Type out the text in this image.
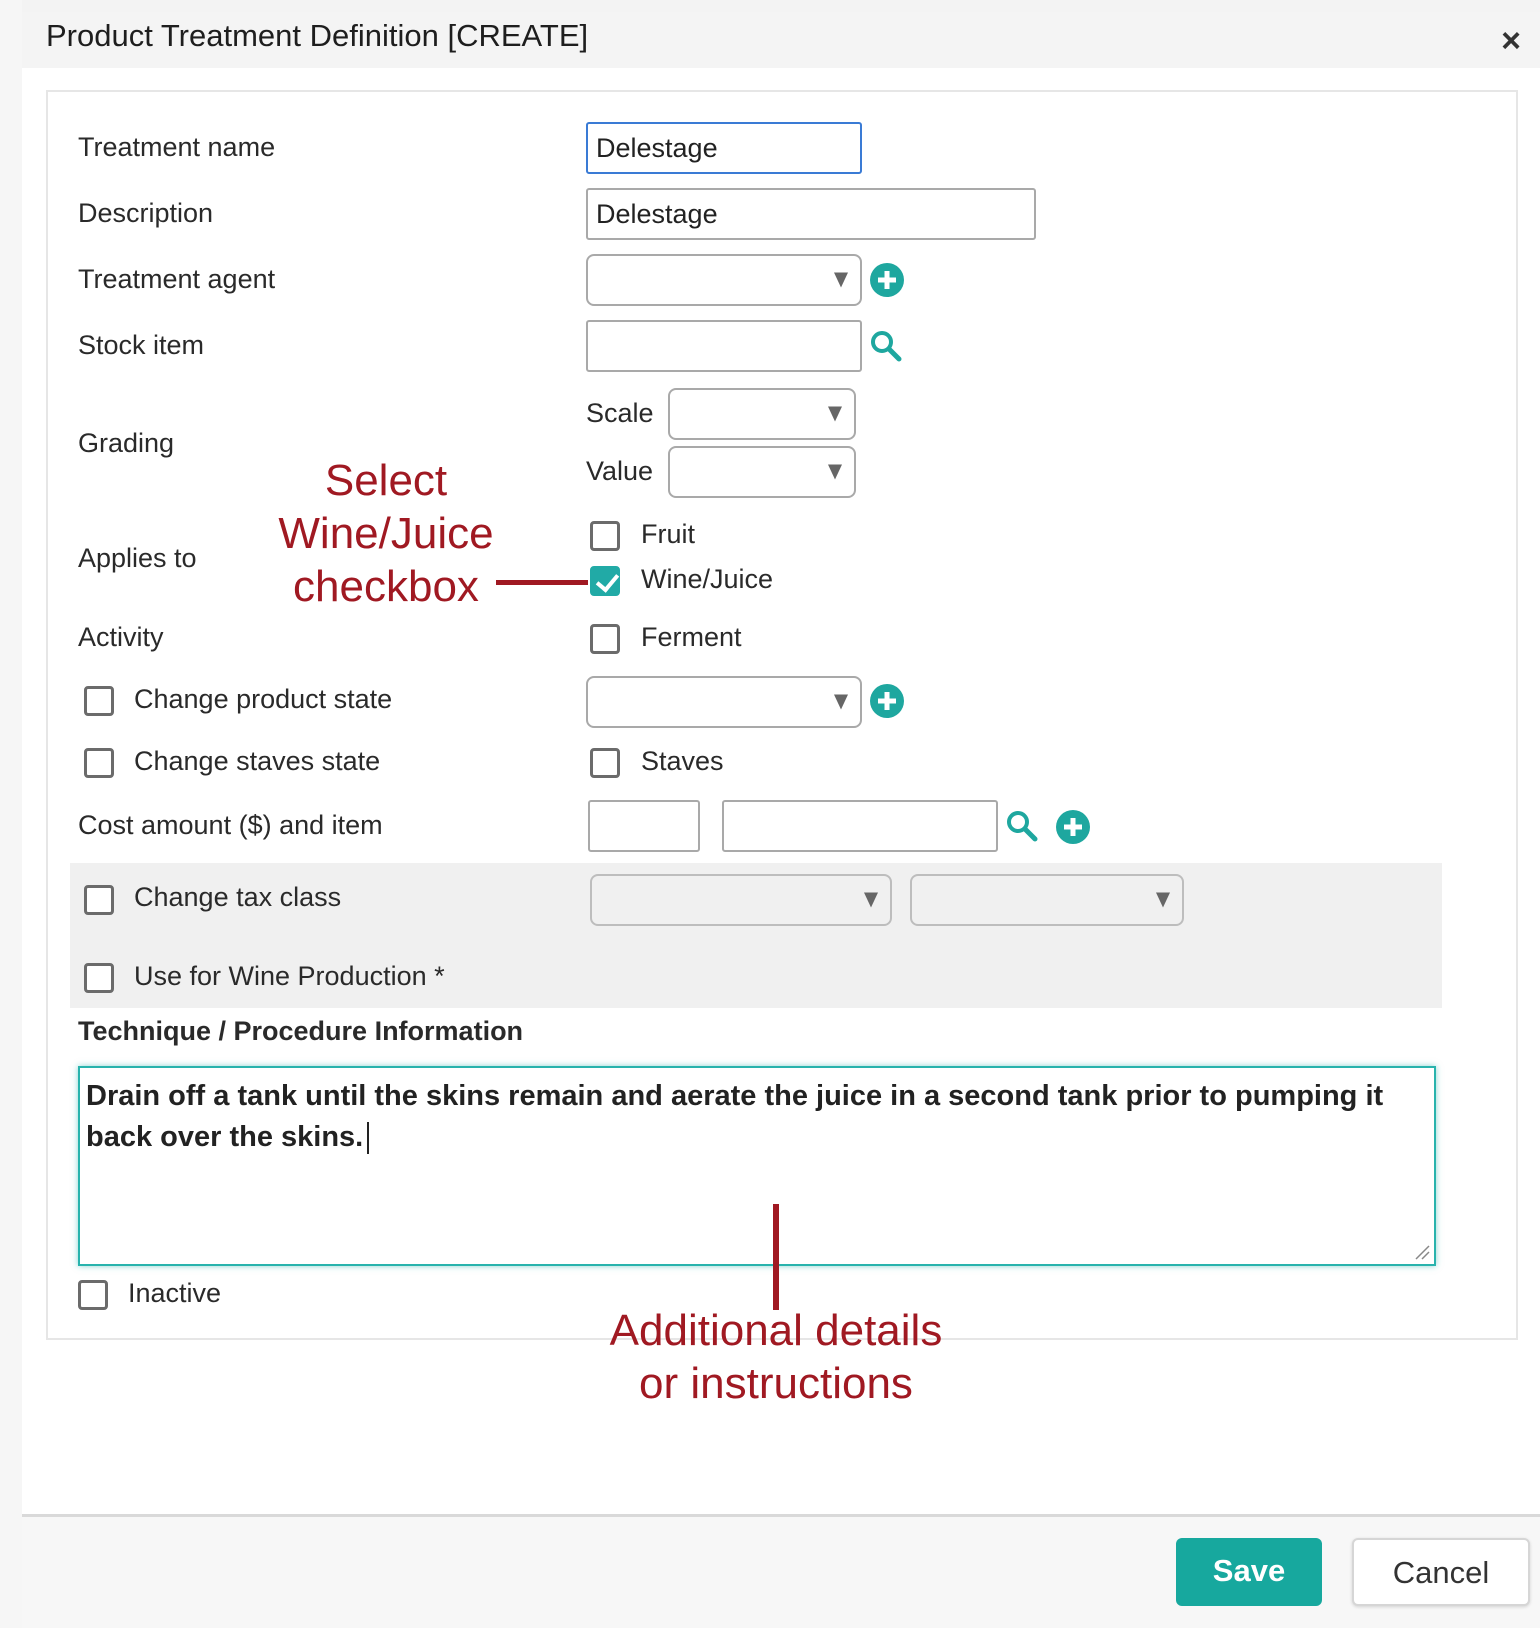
Product Treatment Definition [CREATE]	×
Treatment name	Delestage
Description	Delestage
Treatment agent
Stock item
Grading
Scale
Value
Applies to
Fruit
Wine/Juice
Activity	Ferment
Change product state
Change staves state	Staves
Cost amount ($) and item
Change tax class
Use for Wine Production *
Technique / Procedure Information
Drain off a tank until the skins remain and aerate the juice in a second tank prior to pumping it back over the skins.
Inactive
Select
Wine/Juice
checkbox
Additional details
or instructions
Save	Cancel
